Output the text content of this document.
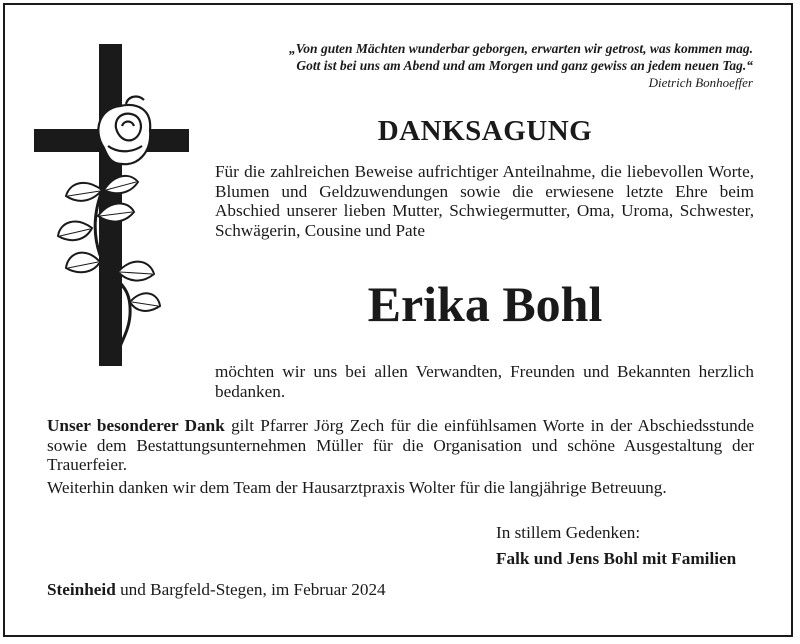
„Von guten Mächten wunderbar geborgen, erwarten wir getrost, was kommen mag.
Gott ist bei uns am Abend und am Morgen und ganz gewiss an jedem neuen Tag.“
Dietrich Bonhoeffer
DANKSAGUNG
Für die zahlreichen Beweise aufrichtiger Anteilnahme, die liebevollen Worte, Blumen und Geldzuwendungen sowie die erwiesene letzte Ehre beim Abschied unserer lieben Mutter, Schwiegermutter, Oma, Uroma, Schwester, Schwägerin, Cousine und Pate
Erika Bohl
möchten wir uns bei allen Verwandten, Freunden und Bekannten herzlich bedanken.
Unser besonderer Dank gilt Pfarrer Jörg Zech für die einfühlsamen Worte in der Abschiedsstunde sowie dem Bestattungsunternehmen Müller für die Organisation und schöne Ausgestaltung der Trauerfeier.
Weiterhin danken wir dem Team der Hausarztpraxis Wolter für die langjährige Betreuung.
In stillem Gedenken:
Falk und Jens Bohl mit Familien
Steinheid und Bargfeld-Stegen, im Februar 2024
